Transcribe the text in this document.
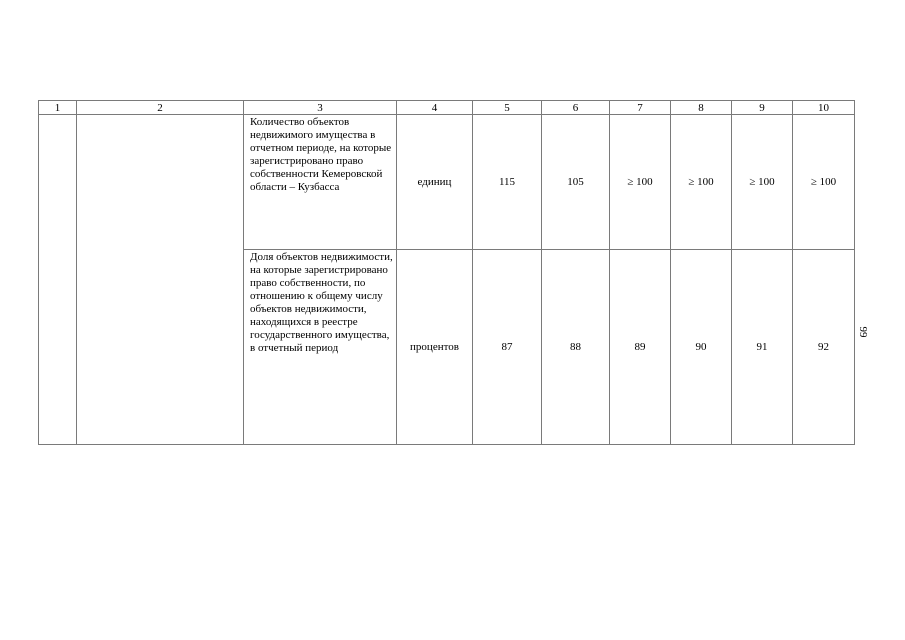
1	2	3	4	5	6	7	8	9	10
		Количество объектов недвижимого имущества в отчетном периоде, на которые зарегистрировано право собственности Кемеровской области – Кузбасса	единиц	115	105	≥ 100	≥ 100	≥ 100	≥ 100
		Доля объектов недвижимости, на которые зарегистрировано право собственности, по отношению к общему числу объектов недвижимости, находящихся в реестре государственного имущества, в отчетный период	процентов	87	88	89	90	91	92
99
